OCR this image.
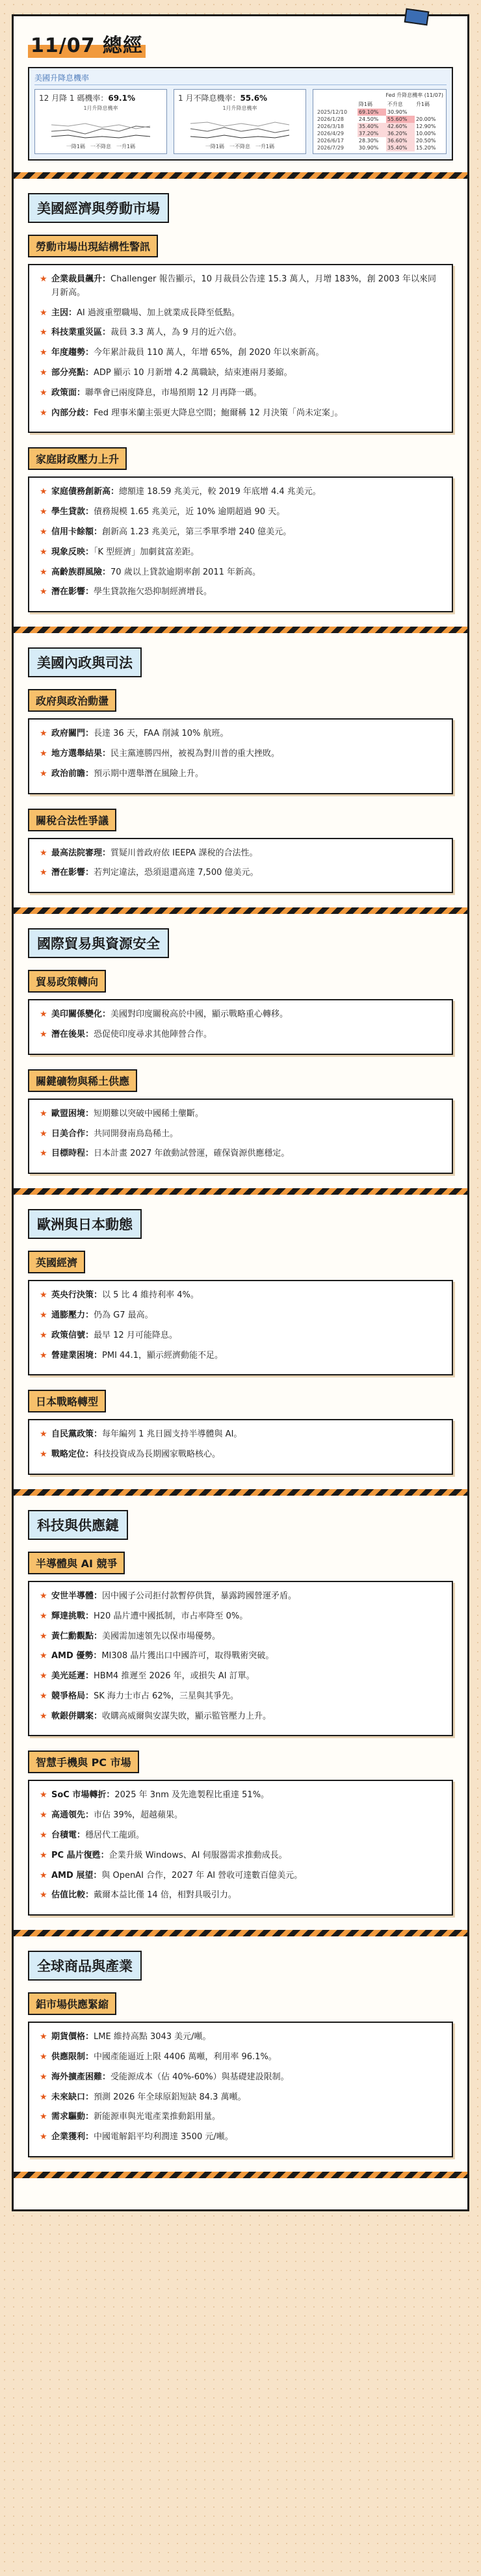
11/07 總經
美國升降息機率
12 月降 1 碼機率：69.1%
1月升降息機率
一降1碼 一不降息 一升1碼
1 月不降息機率：55.6%
1月升降息機率
一降1碼 一不降息 一升1碼
Fed 升降息機率 (11/07)
	降1碼	不升息	升1碼
2025/12/10	69.10%	30.90%	
2026/1/28	24.50%	55.60%	20.00%
2026/3/18	35.40%	42.60%	12.90%
2026/4/29	37.20%	36.20%	10.00%
2026/6/17	28.30%	36.60%	20.50%
2026/7/29	30.90%	35.40%	15.20%
美國經濟與勞動市場
勞動市場出現結構性警訊
★ 企業裁員飆升：Challenger 報告顯示，10 月裁員公告達 15.3 萬人，月增 183%，創 2003 年以來同月新高。
★ 主因：AI 過渡重塑職場、加上就業成長降至低點。
★ 科技業重災區：裁員 3.3 萬人，為 9 月的近六倍。
★ 年度趨勢：今年累計裁員 110 萬人，年增 65%，創 2020 年以來新高。
★ 部分亮點：ADP 顯示 10 月新增 4.2 萬職缺，結束連兩月萎縮。
★ 政策面：聯準會已兩度降息，市場預期 12 月再降一碼。
★ 內部分歧：Fed 理事米蘭主張更大降息空間；鮑爾稱 12 月決策「尚未定案」。
家庭財政壓力上升
★ 家庭債務創新高：總額達 18.59 兆美元，較 2019 年底增 4.4 兆美元。
★ 學生貸款：債務規模 1.65 兆美元，近 10% 逾期超過 90 天。
★ 信用卡餘額：創新高 1.23 兆美元，第三季單季增 240 億美元。
★ 現象反映：「K 型經濟」加劇貧富差距。
★ 高齡族群風險：70 歲以上貸款逾期率創 2011 年新高。
★ 潛在影響：學生貸款拖欠恐抑制經濟增長。
美國內政與司法
政府與政治動盪
★ 政府關門：長達 36 天，FAA 削減 10% 航班。
★ 地方選舉結果：民主黨連勝四州，被視為對川普的重大挫敗。
★ 政治前瞻：預示期中選舉潛在風險上升。
關稅合法性爭議
★ 最高法院審理：質疑川普政府依 IEEPA 課稅的合法性。
★ 潛在影響：若判定違法，恐須退還高達 7,500 億美元。
國際貿易與資源安全
貿易政策轉向
★ 美印關係變化：美國對印度關稅高於中國，顯示戰略重心轉移。
★ 潛在後果：恐促使印度尋求其他陣營合作。
關鍵礦物與稀土供應
★ 歐盟困境：短期難以突破中國稀土壟斷。
★ 日美合作：共同開發南鳥島稀土。
★ 目標時程：日本計畫 2027 年啟動試營運，確保資源供應穩定。
歐洲與日本動態
英國經濟
★ 英央行決策：以 5 比 4 維持利率 4%。
★ 通膨壓力：仍為 G7 最高。
★ 政策信號：最早 12 月可能降息。
★ 營建業困境：PMI 44.1，顯示經濟動能不足。
日本戰略轉型
★ 自民黨政策：每年編列 1 兆日圓支持半導體與 AI。
★ 戰略定位：科技投資成為長期國家戰略核心。
科技與供應鏈
半導體與 AI 競爭
★ 安世半導體：因中國子公司拒付款暫停供貨，暴露跨國營運矛盾。
★ 輝達挑戰：H20 晶片遭中國抵制，市占率降至 0%。
★ 黃仁勳觀點：美國需加速領先以保市場優勢。
★ AMD 優勢：MI308 晶片獲出口中國許可，取得戰術突破。
★ 美光延遲：HBM4 推遲至 2026 年，或損失 AI 訂單。
★ 競爭格局：SK 海力士市占 62%，三星與其爭先。
★ 軟銀併購案：收購高威爾與安謀失敗，顯示監管壓力上升。
智慧手機與 PC 市場
★ SoC 市場轉折：2025 年 3nm 及先進製程比重達 51%。
★ 高通領先：市佔 39%，超越蘋果。
★ 台積電：穩居代工龍頭。
★ PC 晶片復甦：企業升級 Windows、AI 伺服器需求推動成長。
★ AMD 展望：與 OpenAI 合作，2027 年 AI 營收可達數百億美元。
★ 估值比較：戴爾本益比僅 14 倍，相對具吸引力。
全球商品與產業
鋁市場供應緊縮
★ 期貨價格：LME 維持高點 3043 美元/噸。
★ 供應限制：中國產能逼近上限 4406 萬噸，利用率 96.1%。
★ 海外擴產困難：受能源成本（佔 40%-60%）與基礎建設限制。
★ 未來缺口：預測 2026 年全球原鋁短缺 84.3 萬噸。
★ 需求驅動：新能源車與光電產業推動鋁用量。
★ 企業獲利：中國電解鋁平均利潤達 3500 元/噸。
